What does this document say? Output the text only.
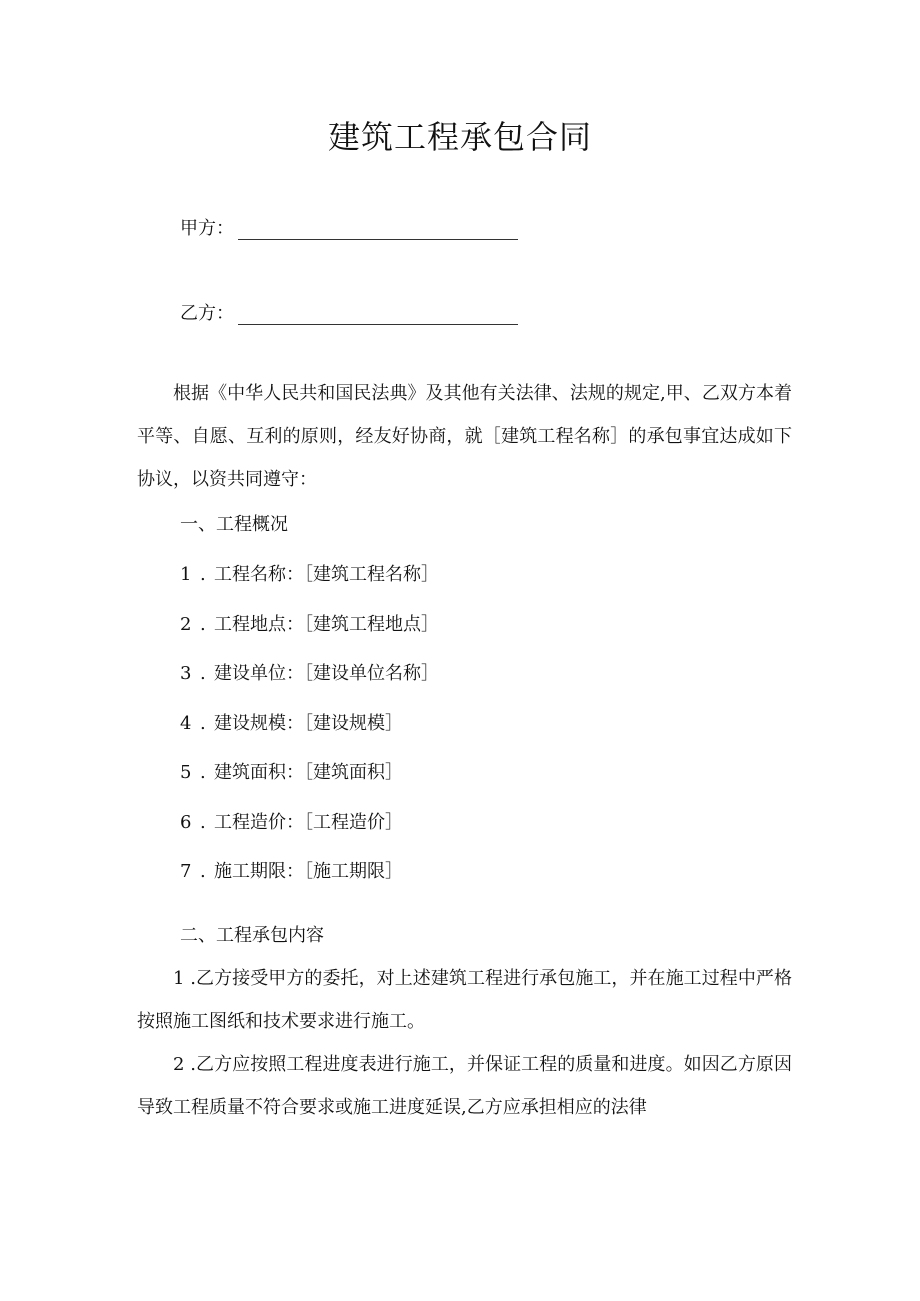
建筑工程承包合同
甲方：
乙方：

根据《中华人民共和国民法典》及其他有关法律、法规的规定,甲、乙双方本着平等、自愿、互利的原则，经友好协商，就［建筑工程名称］的承包事宜达成如下协议，以资共同遵守：

一、工程概况

1 . 工程名称：［建筑工程名称］

2 . 工程地点：［建筑工程地点］

3 . 建设单位：［建设单位名称］

4 . 建设规模：［建设规模］

5 . 建筑面积：［建筑面积］

6 . 工程造价：［工程造价］

7 . 施工期限：［施工期限］

二、工程承包内容

1 .乙方接受甲方的委托，对上述建筑工程进行承包施工，并在施工过程中严格按照施工图纸和技术要求进行施工。

2 .乙方应按照工程进度表进行施工，并保证工程的质量和进度。如因乙方原因导致工程质量不符合要求或施工进度延误,乙方应承担相应的法律
